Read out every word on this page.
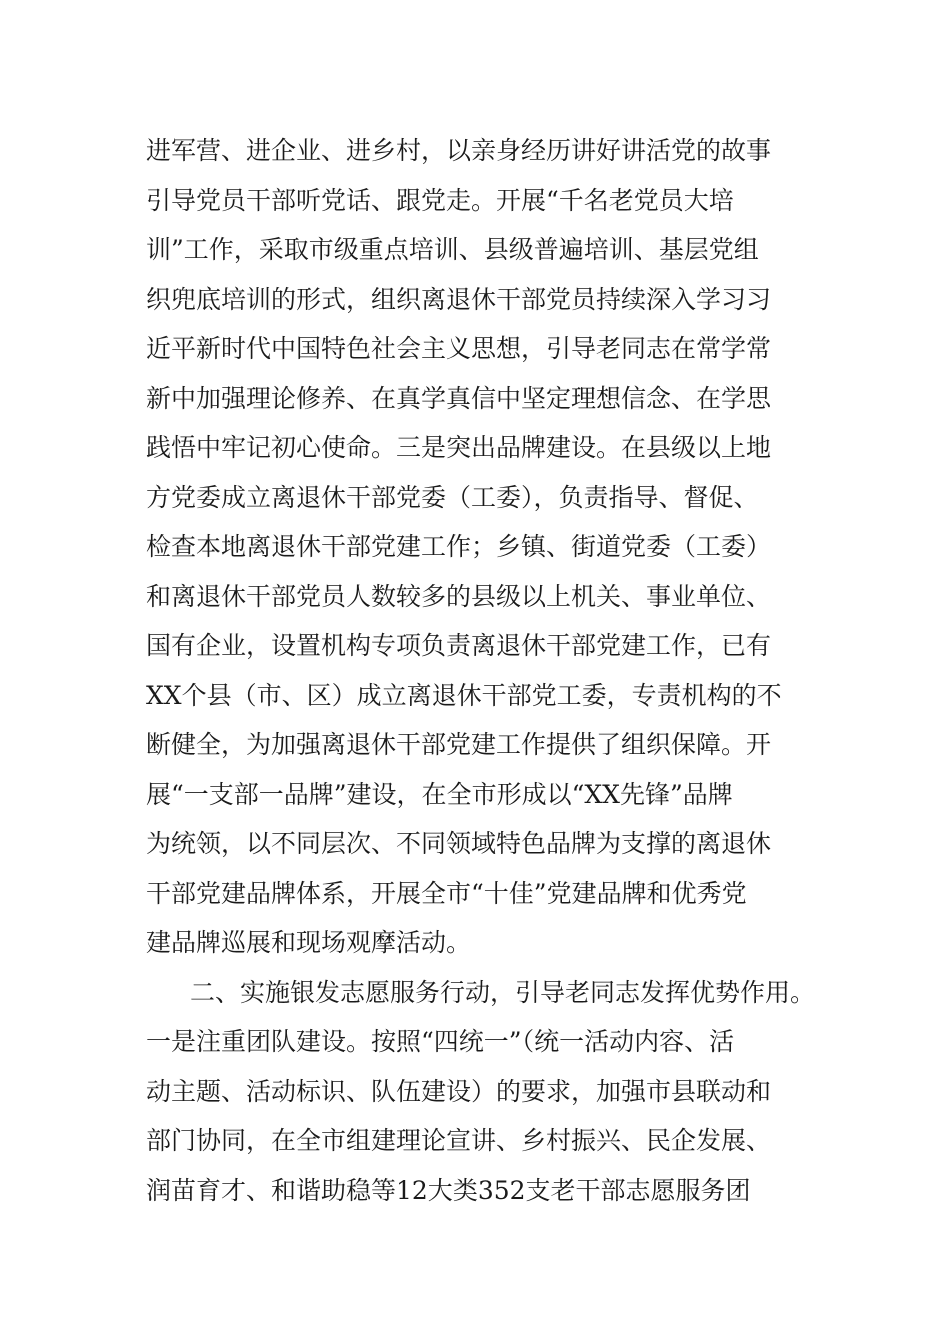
进军营、进企业、进乡村，以亲身经历讲好讲活党的故事
引导党员干部听党话、跟党走。开展“千名老党员大培
训”工作，采取市级重点培训、县级普遍培训、基层党组
织兜底培训的形式，组织离退休干部党员持续深入学习习
近平新时代中国特色社会主义思想，引导老同志在常学常
新中加强理论修养、在真学真信中坚定理想信念、在学思
践悟中牢记初心使命。三是突出品牌建设。在县级以上地
方党委成立离退休干部党委（工委），负责指导、督促、
检查本地离退休干部党建工作；乡镇、街道党委（工委）
和离退休干部党员人数较多的县级以上机关、事业单位、
国有企业，设置机构专项负责离退休干部党建工作，已有
XX个县（市、区）成立离退休干部党工委，专责机构的不
断健全，为加强离退休干部党建工作提供了组织保障。开
展“一支部一品牌”建设，在全市形成以“XX先锋”品牌
为统领，以不同层次、不同领域特色品牌为支撑的离退休
干部党建品牌体系，开展全市“十佳”党建品牌和优秀党
建品牌巡展和现场观摩活动。
二、实施银发志愿服务行动，引导老同志发挥优势作用。
一是注重团队建设。按照“四统一”（统一活动内容、活
动主题、活动标识、队伍建设）的要求，加强市县联动和
部门协同，在全市组建理论宣讲、乡村振兴、民企发展、
润苗育才、和谐助稳等12大类352支老干部志愿服务团
